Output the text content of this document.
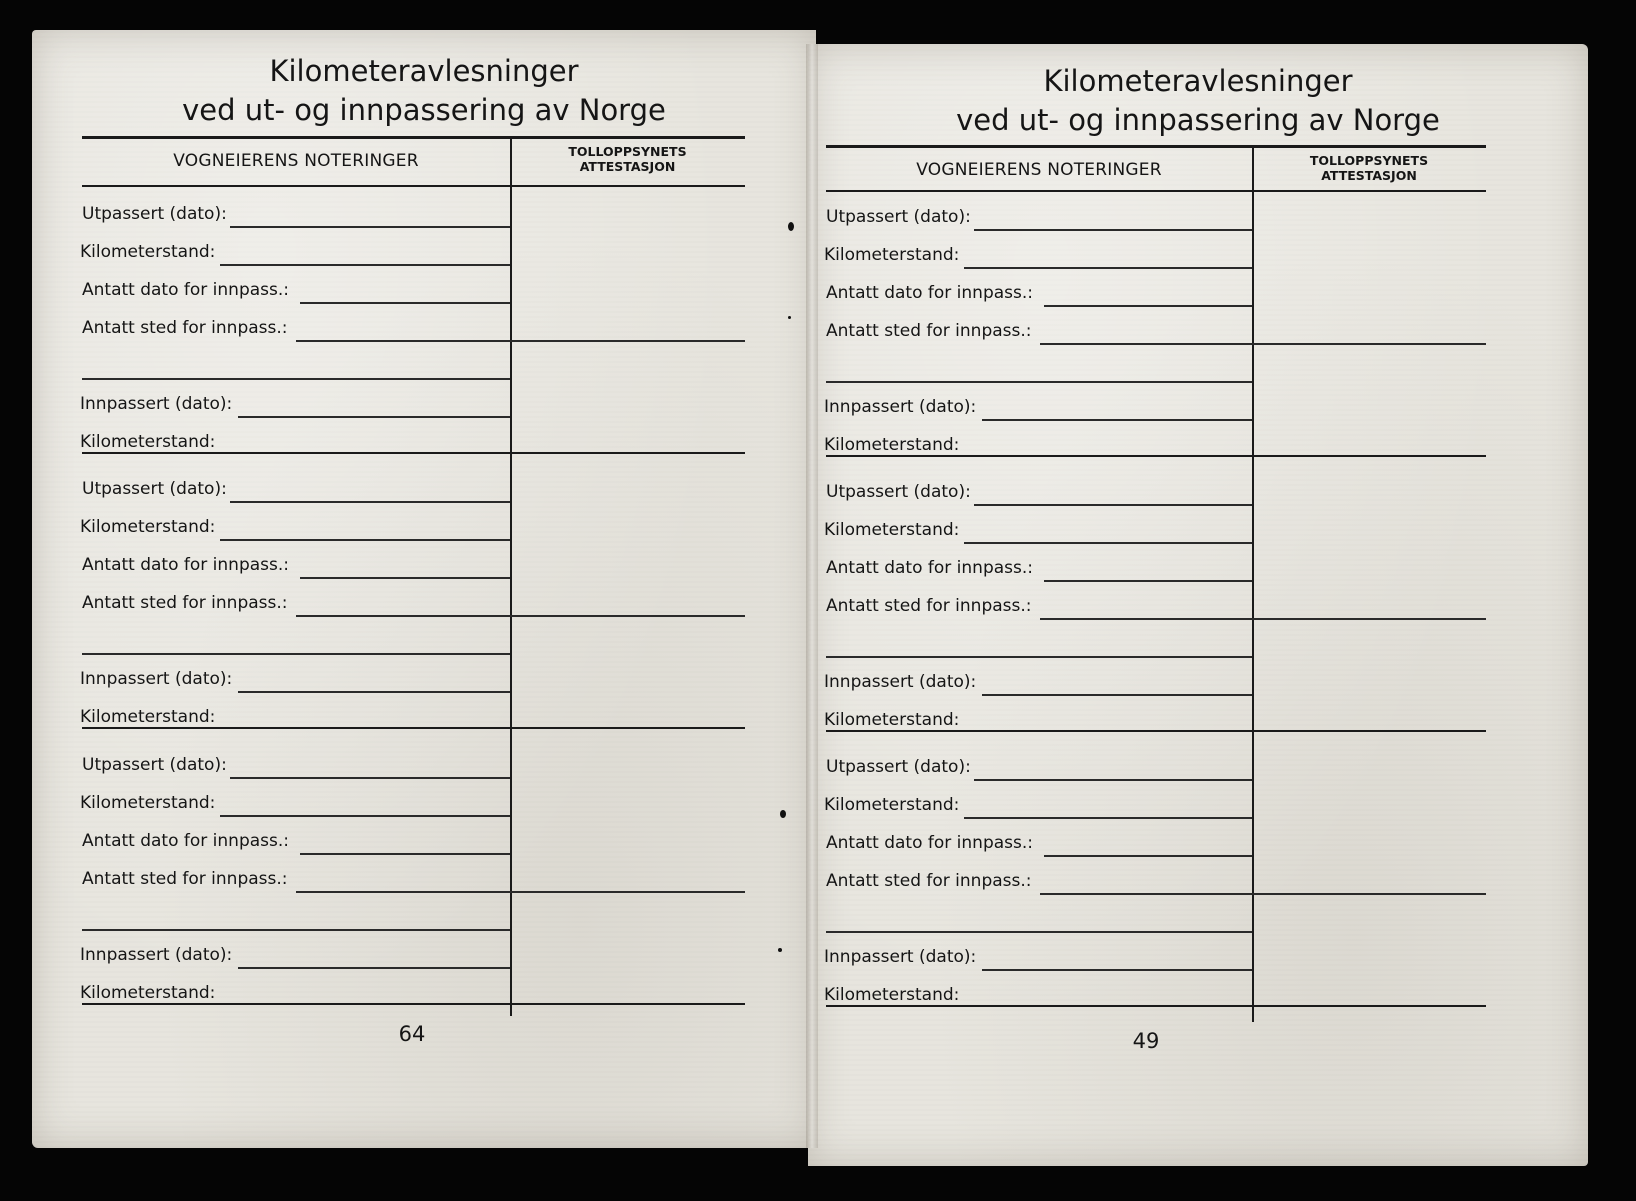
Kilometeravlesninger
ved ut- og innpassering av Norge
VOGNEIERENS NOTERINGER	TOLLOPPSYNETS
ATTESTASJON
Utpassert (dato):
Kilometerstand:
Antatt dato for innpass.:
Antatt sted for innpass.:
Innpassert (dato):
Kilometerstand:
Utpassert (dato):
Kilometerstand:
Antatt dato for innpass.:
Antatt sted for innpass.:
Innpassert (dato):
Kilometerstand:
Utpassert (dato):
Kilometerstand:
Antatt dato for innpass.:
Antatt sted for innpass.:
Innpassert (dato):
Kilometerstand:
64
Kilometeravlesninger
ved ut- og innpassering av Norge
VOGNEIERENS NOTERINGER	TOLLOPPSYNETS
ATTESTASJON
Utpassert (dato):
Kilometerstand:
Antatt dato for innpass.:
Antatt sted for innpass.:
Innpassert (dato):
Kilometerstand:
Utpassert (dato):
Kilometerstand:
Antatt dato for innpass.:
Antatt sted for innpass.:
Innpassert (dato):
Kilometerstand:
Utpassert (dato):
Kilometerstand:
Antatt dato for innpass.:
Antatt sted for innpass.:
Innpassert (dato):
Kilometerstand:
49
